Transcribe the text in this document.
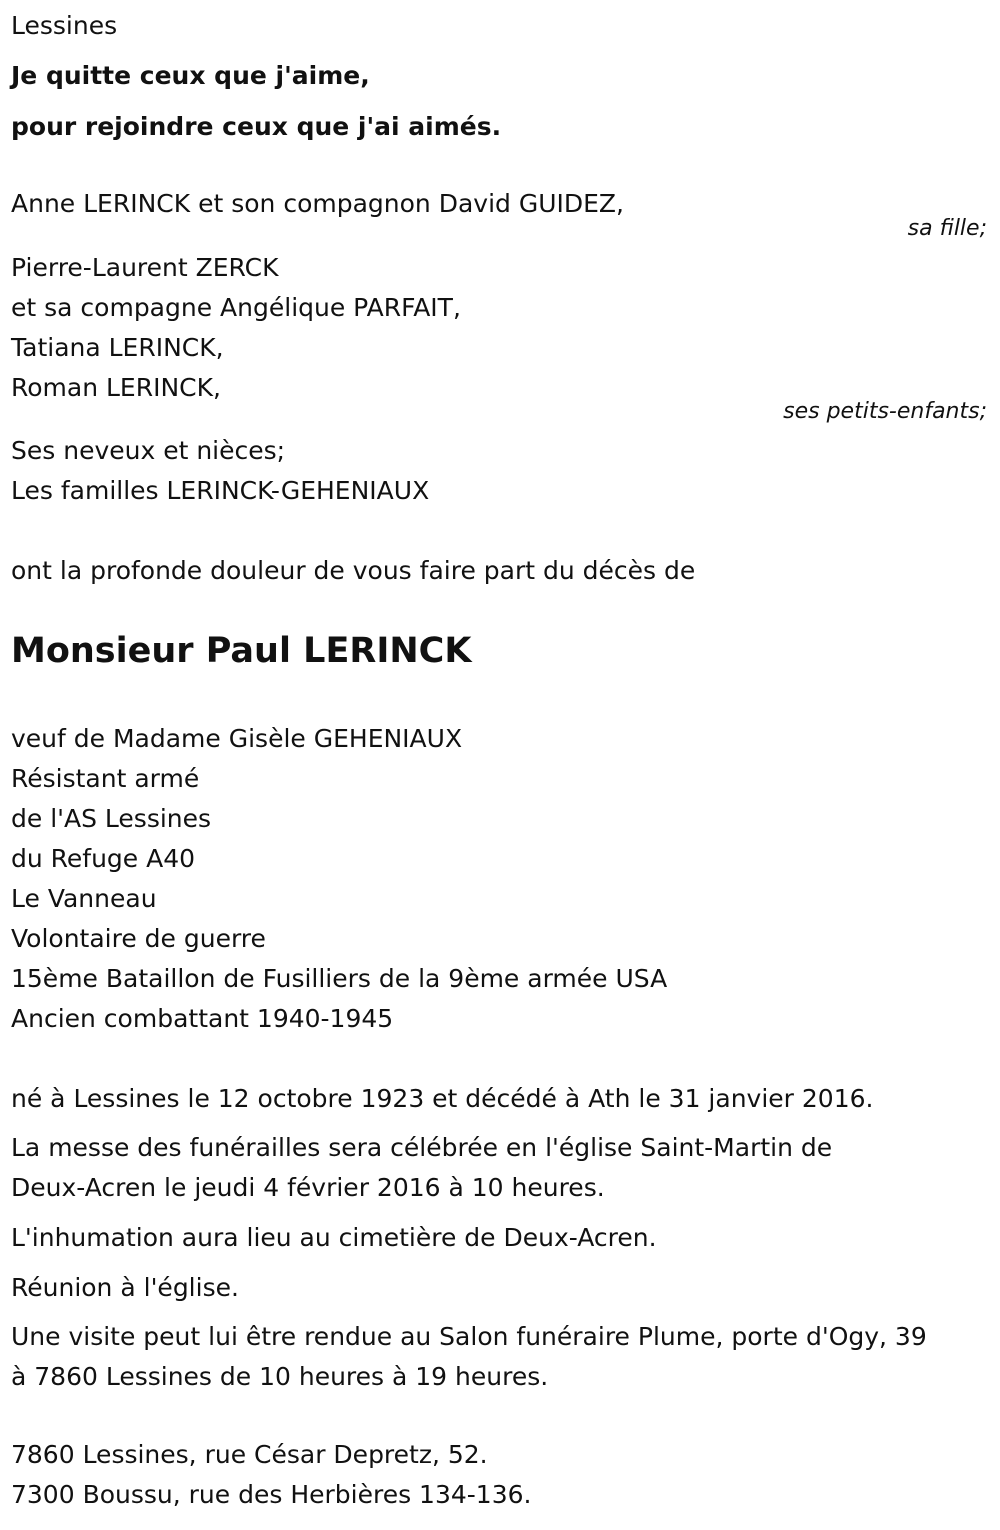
Lessines
Je quitte ceux que j'aime,
pour rejoindre ceux que j'ai aimés.
Anne LERINCK et son compagnon David GUIDEZ,
sa fille;
Pierre-Laurent ZERCK
et sa compagne Angélique PARFAIT,
Tatiana LERINCK,
Roman LERINCK,
ses petits-enfants;
Ses neveux et nièces;
Les familles LERINCK-GEHENIAUX
ont la profonde douleur de vous faire part du décès de
Monsieur Paul LERINCK
veuf de Madame Gisèle GEHENIAUX
Résistant armé
de l'AS Lessines
du Refuge A40
Le Vanneau
Volontaire de guerre
15ème Bataillon de Fusilliers de la 9ème armée USA
Ancien combattant 1940-1945
né à Lessines le 12 octobre 1923 et décédé à Ath le 31 janvier 2016.
La messe des funérailles sera célébrée en l'église Saint-Martin de
Deux-Acren le jeudi 4 février 2016 à 10 heures.
L'inhumation aura lieu au cimetière de Deux-Acren.
Réunion à l'église.
Une visite peut lui être rendue au Salon funéraire Plume, porte d'Ogy, 39
à 7860 Lessines de 10 heures à 19 heures.
7860 Lessines, rue César Depretz, 52.
7300 Boussu, rue des Herbières 134-136.
